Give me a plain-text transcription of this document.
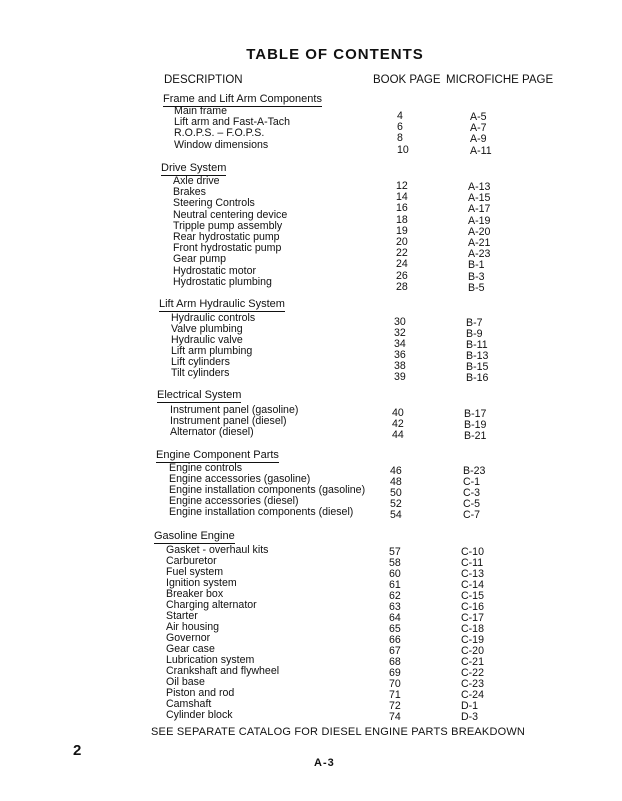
TABLE OF CONTENTS
DESCRIPTION	BOOK PAGE MICROFICHE PAGE
Frame and Lift Arm Components
Main frame	4	A-5
Lift arm and Fast-A-Tach	6	A-7
R.O.P.S. – F.O.P.S.	8	A-9
Window dimensions	10	A-11
Drive System
Axle drive	12	A-13
Brakes	14	A-15
Steering Controls	16	A-17
Neutral centering device	18	A-19
Tripple pump assembly	19	A-20
Rear hydrostatic pump	20	A-21
Front hydrostatic pump	22	A-23
Gear pump	24	B-1
Hydrostatic motor	26	B-3
Hydrostatic plumbing	28	B-5
Lift Arm Hydraulic System
Hydraulic controls	30	B-7
Valve plumbing	32	B-9
Hydraulic valve	34	B-11
Lift arm plumbing	36	B-13
Lift cylinders	38	B-15
Tilt cylinders	39	B-16
Electrical System
Instrument panel (gasoline)	40	B-17
Instrument panel (diesel)	42	B-19
Alternator (diesel)	44	B-21
Engine Component Parts
Engine controls	46	B-23
Engine accessories (gasoline)	48	C-1
Engine installation components (gasoline) 50	C-3
Engine accessories (diesel)	52	C-5
Engine installation components (diesel)	54	C-7
Gasoline Engine
Gasket - overhaul kits	57	C-10
Carburetor	58	C-11
Fuel system	60	C-13
Ignition system	61	C-14
Breaker box	62	C-15
Charging alternator	63	C-16
Starter	64	C-17
Air housing	65	C-18
Governor	66	C-19
Gear case	67	C-20
Lubrication system	68	C-21
Crankshaft and flywheel	69	C-22
Oil base	70	C-23
Piston and rod	71	C-24
Camshaft	72	D-1
Cylinder block	74	D-3
SEE SEPARATE CATALOG FOR DIESEL ENGINE PARTS BREAKDOWN
2
A-3
